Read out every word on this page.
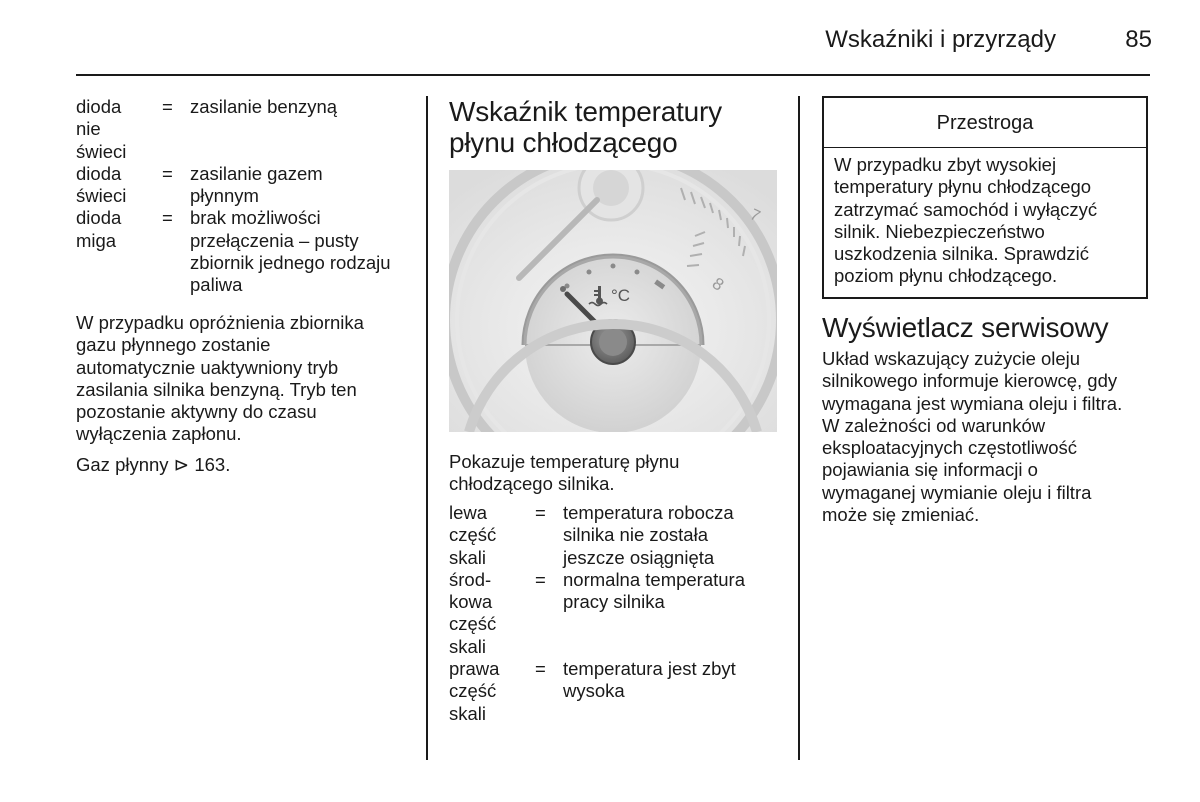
Wskaźniki i przyrządy	85
dioda
nie
świeci
= zasilanie benzyną
dioda
świeci
= zasilanie gazem
płynnym
dioda
miga
= brak możliwości
przełączenia – pusty
zbiornik jednego rodzaju
paliwa
W przypadku opróżnienia zbiornika
gazu płynnego zostanie
automatycznie uaktywniony tryb
zasilania silnika benzyną. Tryb ten
pozostanie aktywny do czasu
wyłączenia zapłonu.
Gaz płynny ⊳ 163.
Wskaźnik temperatury
płynu chłodzącego
7
8
°C
Pokazuje temperaturę płynu
chłodzącego silnika.
lewa
część
skali
= temperatura robocza
silnika nie została
jeszcze osiągnięta
środ-
kowa
część
skali
= normalna temperatura
pracy silnika
prawa
część
skali
= temperatura jest zbyt
wysoka
Przestroga
W przypadku zbyt wysokiej
temperatury płynu chłodzącego
zatrzymać samochód i wyłączyć
silnik. Niebezpieczeństwo
uszkodzenia silnika. Sprawdzić
poziom płynu chłodzącego.
Wyświetlacz serwisowy
Układ wskazujący zużycie oleju
silnikowego informuje kierowcę, gdy
wymagana jest wymiana oleju i filtra.
W zależności od warunków
eksploatacyjnych częstotliwość
pojawiania się informacji o
wymaganej wymianie oleju i filtra
może się zmieniać.
